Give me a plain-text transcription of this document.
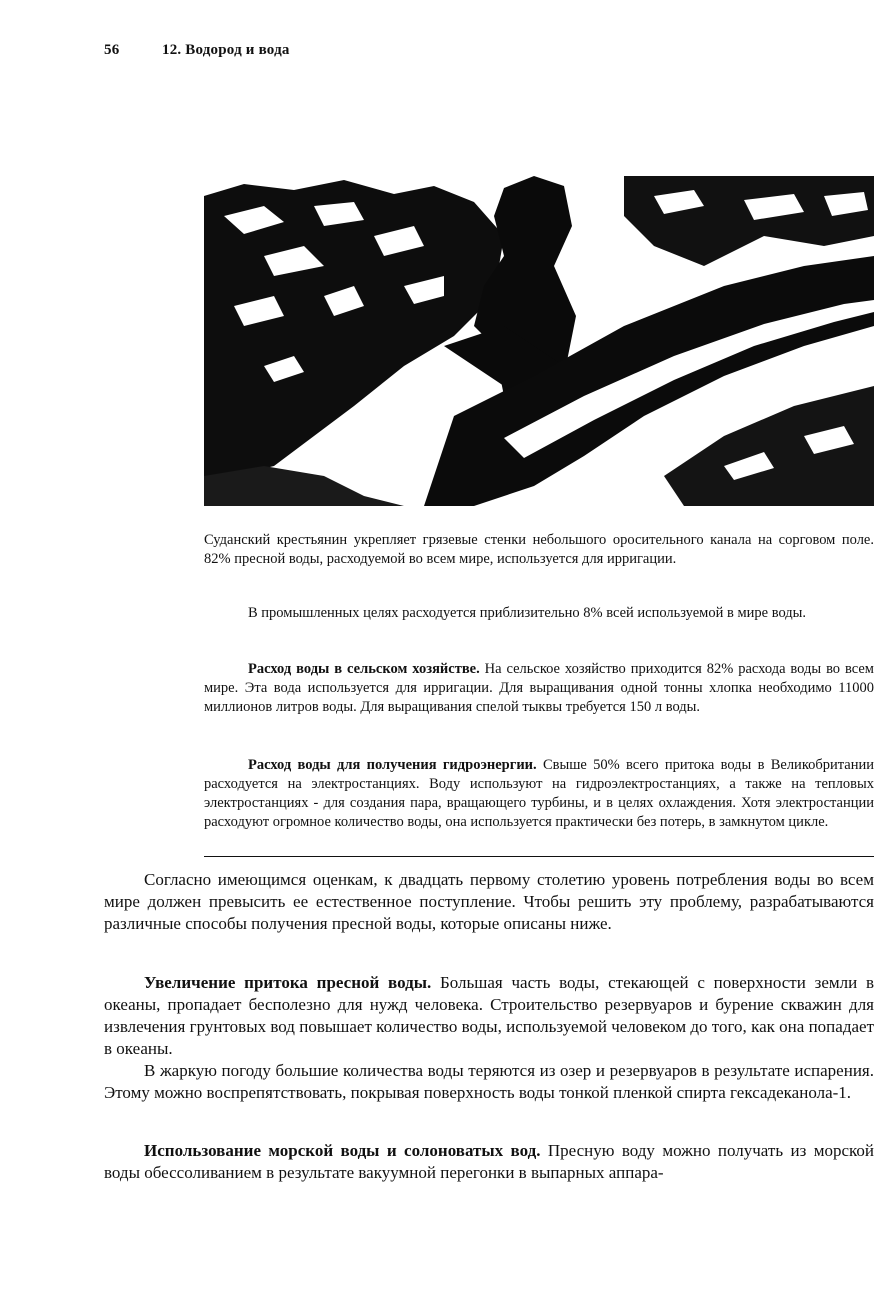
56	12. Водород и вода
Суданский крестьянин укрепляет грязевые стенки небольшого оросительного канала на сорговом поле. 82% пресной воды, расходуемой во всем мире, используется для ирригации.
В промышленных целях расходуется приблизительно 8% всей используемой в мире воды.
Расход воды в сельском хозяйстве. На сельское хозяйство приходится 82% расхода воды во всем мире. Эта вода используется для ирригации. Для выращивания одной тонны хлопка необходимо 11000 миллионов литров воды. Для выращивания спелой тыквы требуется 150 л воды.
Расход воды для получения гидроэнергии. Свыше 50% всего притока воды в Великобритании расходуется на электростанциях. Воду используют на гидроэлектростанциях, а также на тепловых электростанциях - для создания пара, вращающего турбины, и в целях охлаждения. Хотя электростанции расходуют огромное количество воды, она используется практически без потерь, в замкнутом цикле.
Согласно имеющимся оценкам, к двадцать первому столетию уровень потребления воды во всем мире должен превысить ее естественное поступление. Чтобы решить эту проблему, разрабатываются различные способы получения пресной воды, которые описаны ниже.
Увеличение притока пресной воды. Большая часть воды, стекающей с поверхности земли в океаны, пропадает бесполезно для нужд человека. Строительство резервуаров и бурение скважин для извлечения грунтовых вод повышает количество воды, используемой человеком до того, как она попадает в океаны.
В жаркую погоду большие количества воды теряются из озер и резервуаров в результате испарения. Этому можно воспрепятствовать, покрывая поверхность воды тонкой пленкой спирта гексадеканола-1.
Использование морской воды и солоноватых вод. Пресную воду можно получать из морской воды обессоливанием в результате вакуумной перегонки в выпарных аппара-
